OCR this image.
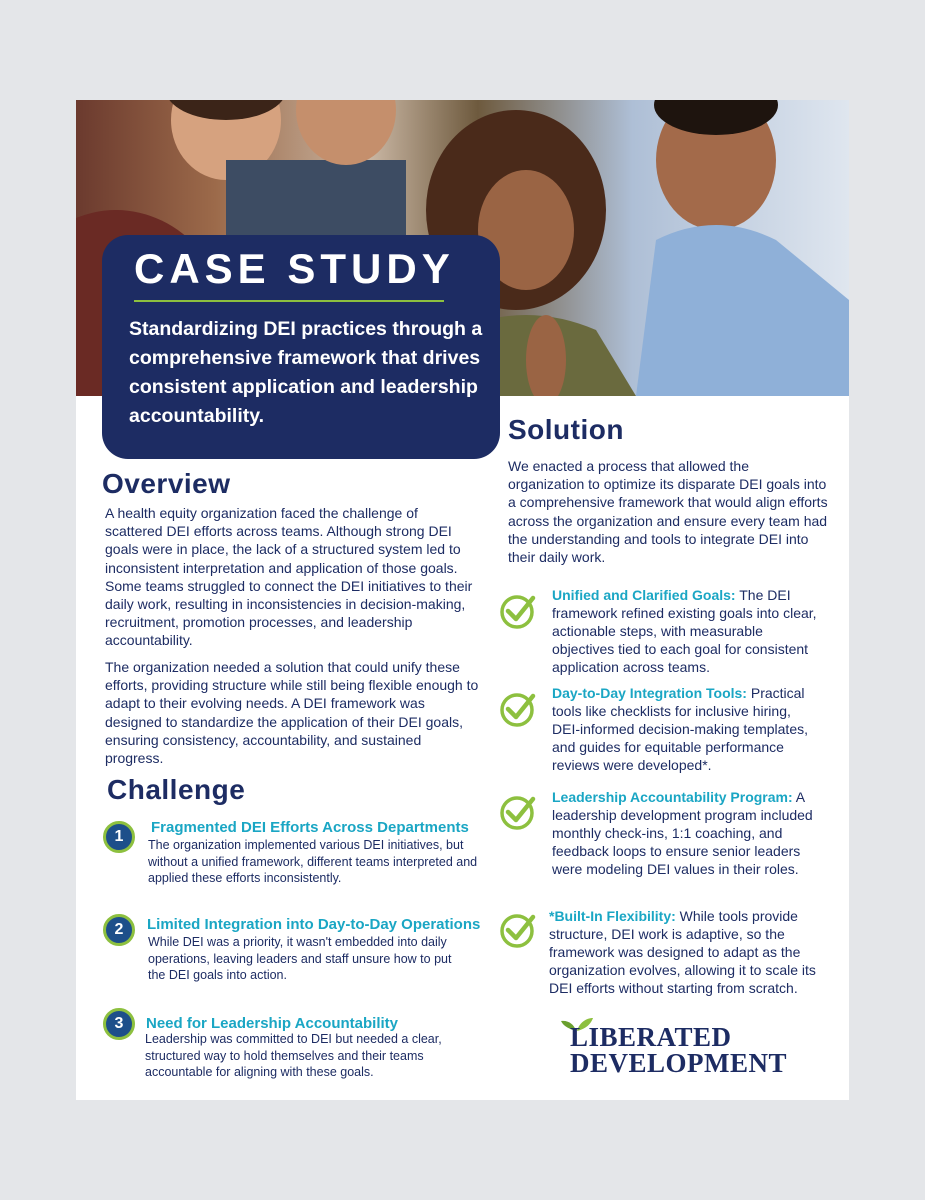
CASE STUDY

Standardizing DEI practices through a comprehensive framework that drives consistent application and leadership accountability.

Overview

A health equity organization faced the challenge of scattered DEI efforts across teams. Although strong DEI goals were in place, the lack of a structured system led to inconsistent interpretation and application of those goals. Some teams struggled to connect the DEI initiatives to their daily work, resulting in inconsistencies in decision-making, recruitment, promotion processes, and leadership accountability.

The organization needed a solution that could unify these efforts, providing structure while still being flexible enough to adapt to their evolving needs. A DEI framework was designed to standardize the application of their DEI goals, ensuring consistency, accountability, and sustained progress.

Challenge
1

Fragmented DEI Efforts Across Departments

The organization implemented various DEI initiatives, but without a unified framework, different teams interpreted and applied these efforts inconsistently.

2	Limited Integration into Day-to-Day Operations

While DEI was a priority, it wasn't embedded into daily operations, leaving leaders and staff unsure how to put the DEI goals into action.

3	Need for Leadership Accountability

Leadership was committed to DEI but needed a clear, structured way to hold themselves and their teams accountable for aligning with these goals.

Solution

We enacted a process that allowed the organization to optimize its disparate DEI goals into a comprehensive framework that would align efforts across the organization and ensure every team had the understanding and tools to integrate DEI into their daily work.

Unified and Clarified Goals: The DEI framework refined existing goals into clear, actionable steps, with measurable objectives tied to each goal for consistent application across teams.

Day-to-Day Integration Tools: Practical tools like checklists for inclusive hiring, DEI-informed decision-making templates, and guides for equitable performance reviews were developed*.

Leadership Accountability Program: A leadership development program included monthly check-ins, 1:1 coaching, and feedback loops to ensure senior leaders were modeling DEI values in their roles.

*Built-In Flexibility: While tools provide structure, DEI work is adaptive, so the framework was designed to adapt as the organization evolves, allowing it to scale its DEI efforts without starting from scratch.

LIBERATED
DEVELOPMENT
